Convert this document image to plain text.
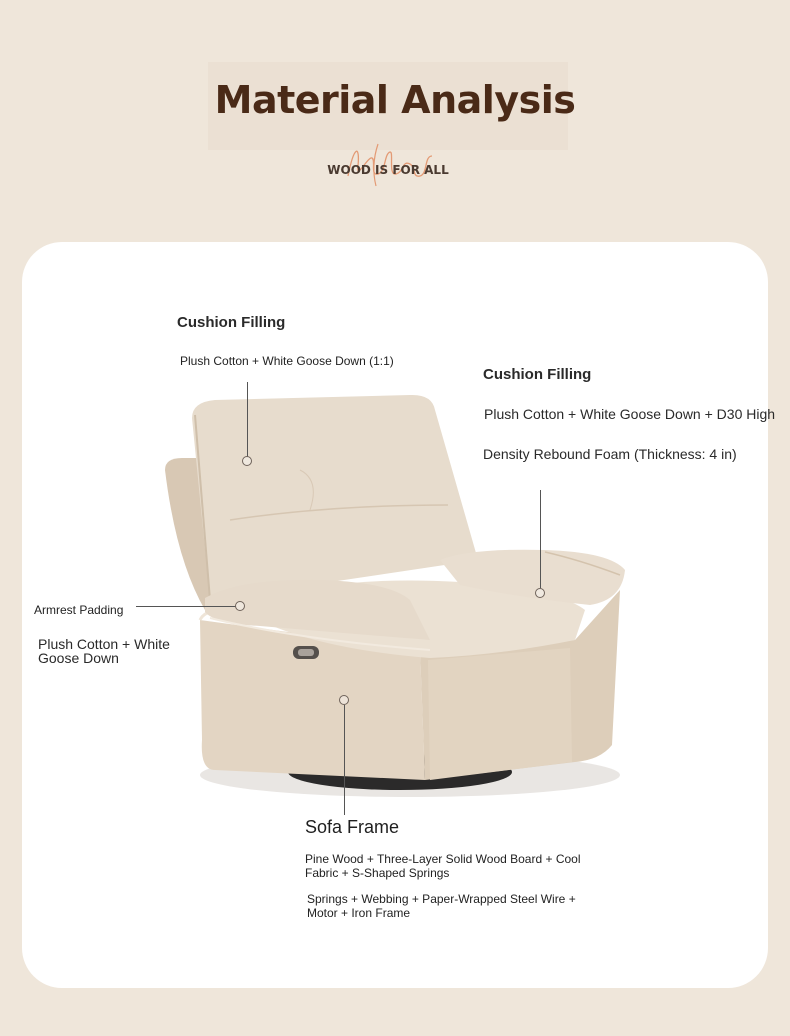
Material Analysis
WOOD IS FOR ALL
Cushion Filling
Plush Cotton + White Goose Down (1:1)
Cushion Filling
Plush Cotton + White Goose Down + D30 High
Density Rebound Foam (Thickness: 4 in)
Armrest Padding
Plush Cotton + White Goose Down
Sofa Frame
Pine Wood + Three-Layer Solid Wood Board + Cool Fabric + S-Shaped Springs
Springs + Webbing + Paper-Wrapped Steel Wire + Motor + Iron Frame
